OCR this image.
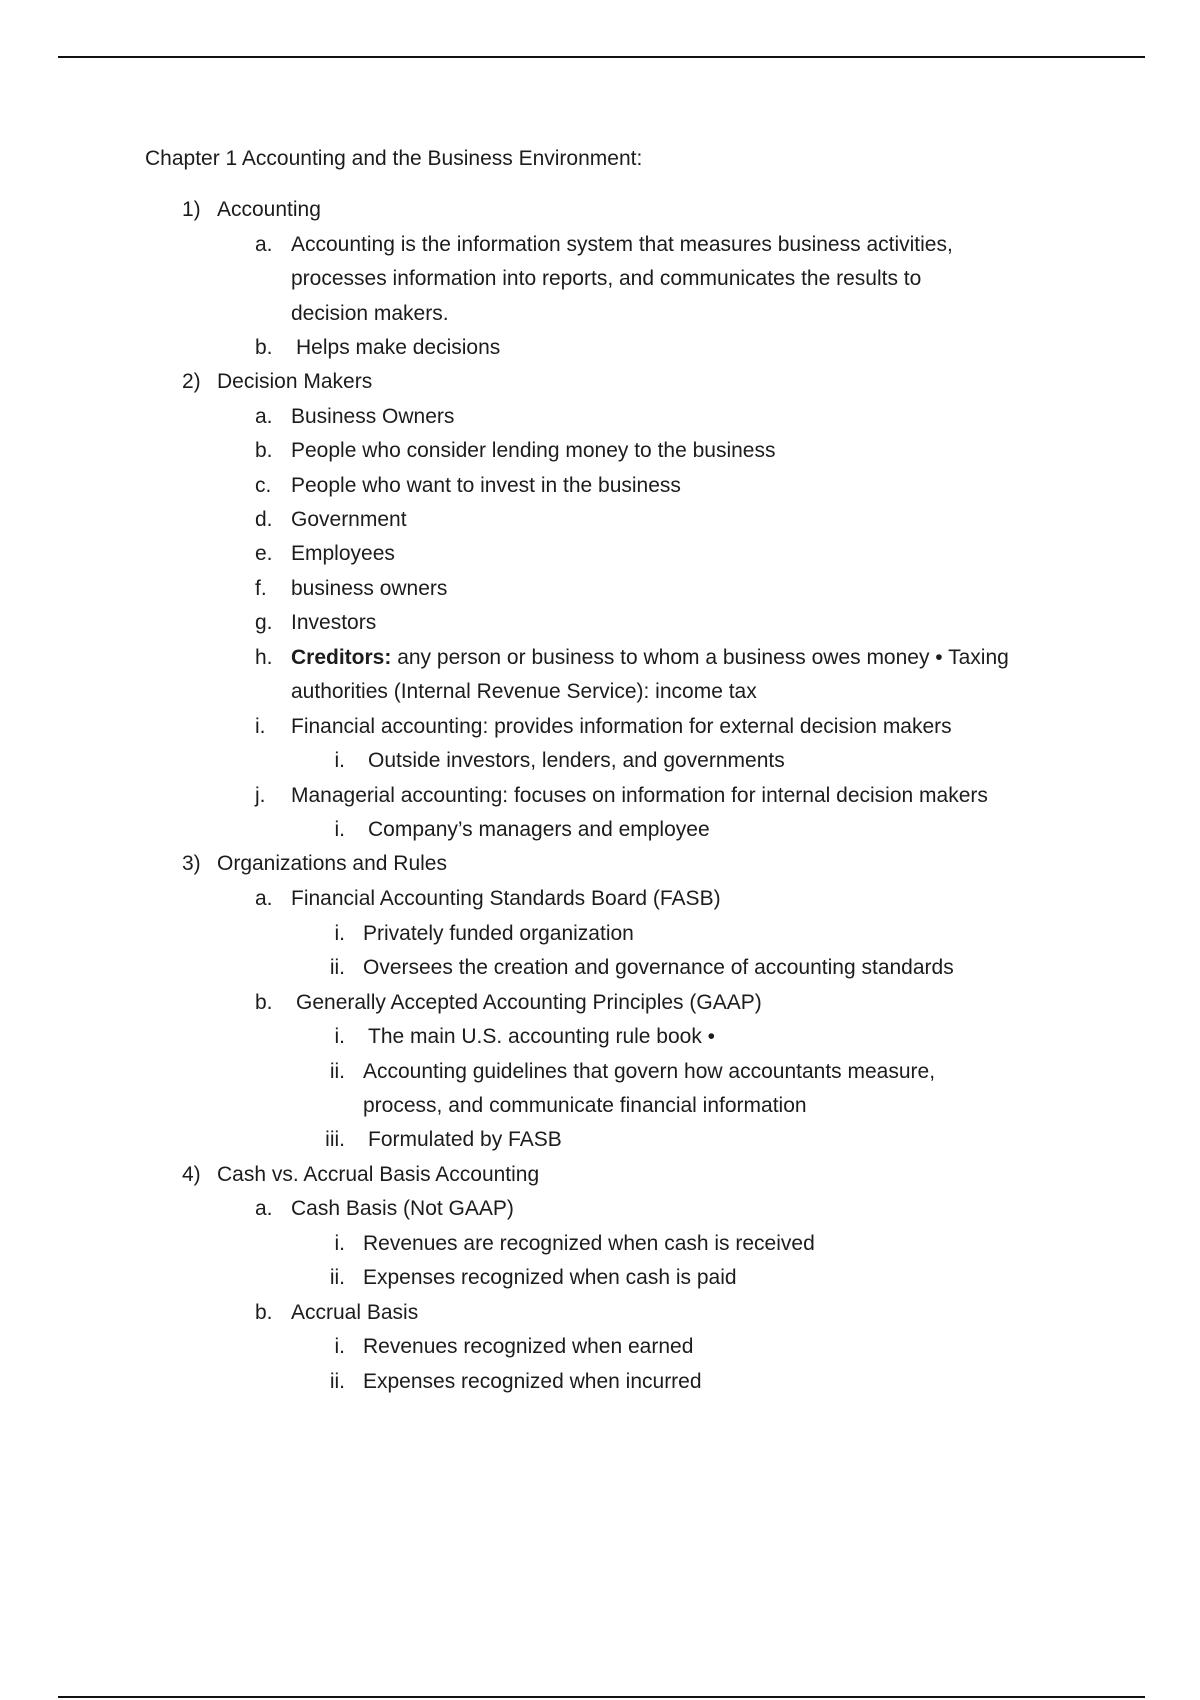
Chapter 1 Accounting and the Business Environment:
1) Accounting
a. Accounting is the information system that measures business activities,
processes information into reports, and communicates the results to
decision makers.
b. Helps make decisions
2) Decision Makers
a. Business Owners
b. People who consider lending money to the business
c. People who want to invest in the business
d. Government
e. Employees
f. business owners
g. Investors
h. Creditors: any person or business to whom a business owes money • Taxing
authorities (Internal Revenue Service): income tax
i. Financial accounting: provides information for external decision makers
i. Outside investors, lenders, and governments
j. Managerial accounting: focuses on information for internal decision makers
i. Company’s managers and employee
3) Organizations and Rules
a. Financial Accounting Standards Board (FASB)
i. Privately funded organization
ii. Oversees the creation and governance of accounting standards
b. Generally Accepted Accounting Principles (GAAP)
i. The main U.S. accounting rule book •
ii. Accounting guidelines that govern how accountants measure,
process, and communicate financial information
iii. Formulated by FASB
4) Cash vs. Accrual Basis Accounting
a. Cash Basis (Not GAAP)
i. Revenues are recognized when cash is received
ii. Expenses recognized when cash is paid
b. Accrual Basis
i. Revenues recognized when earned
ii. Expenses recognized when incurred
